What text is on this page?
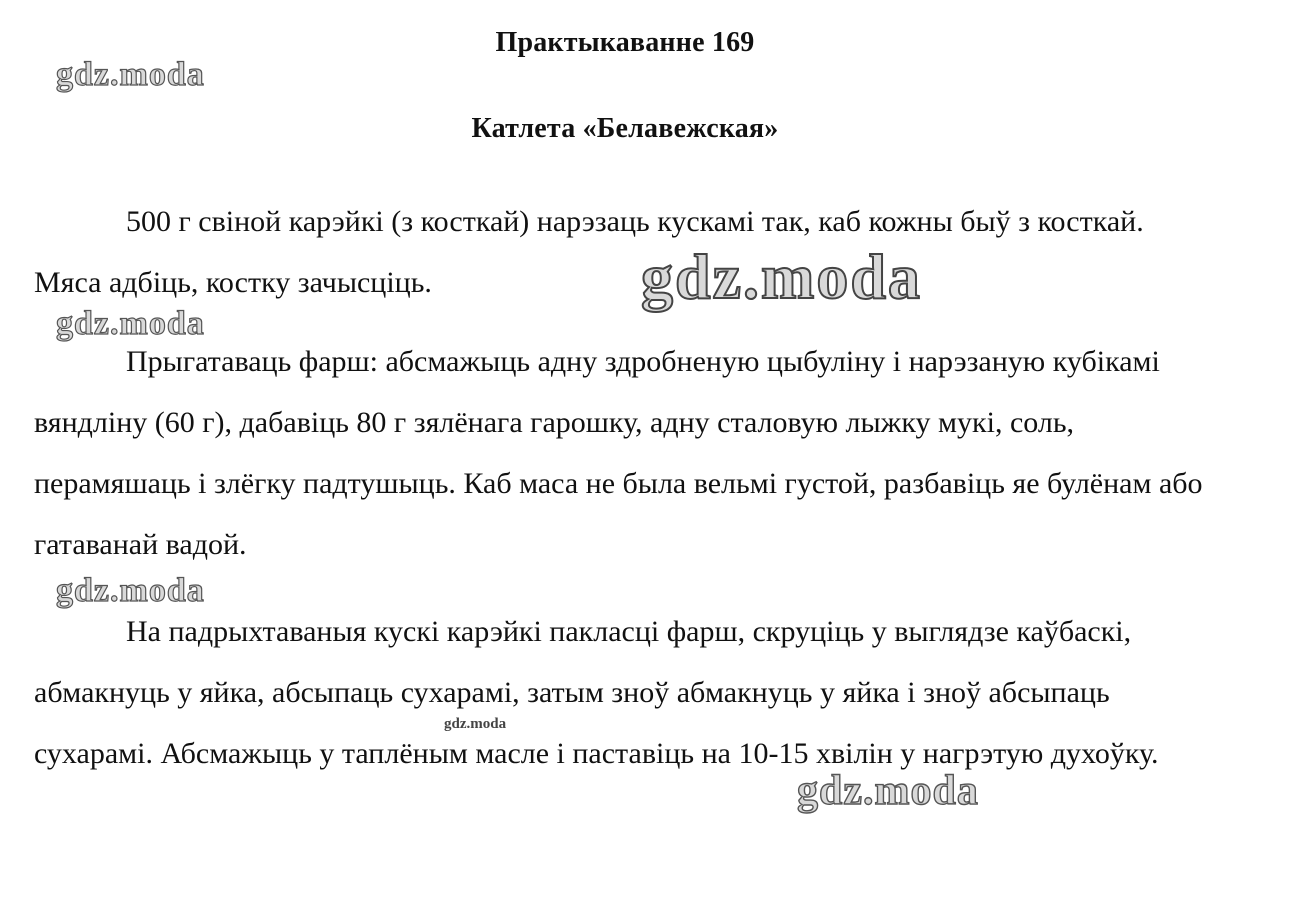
Практыкаванне 169
Катлета «Белавежская»

500 г свіной карэйкі (з косткай) нарэзаць кускамі так, каб кожны быў з косткай. Мяса адбіць, костку зачысціць.

Прыгатаваць фарш: абсмажыць адну здробненую цыбуліну і нарэзаную кубікамі вяндліну (60 г), дабавіць 80 г зялёнага гарошку, адну сталовую лыжку мукі, соль, перамяшаць і злёгку падтушыць. Каб маса не была вельмі густой, разбавіць яе булёнам або гатаванай вадой.

На падрыхтаваныя кускі карэйкі пакласці фарш, скруціць у выглядзе каўбаскі, абмакнуць у яйка, абсыпаць сухарамі, затым зноў абмакнуць у яйка і зноў абсыпаць сухарамі. Абсмажыць у таплёным масле і паставіць на 10-15 хвілін у нагрэтую духоўку.

gdz.moda
gdz.moda
gdz.moda
gdz.moda
gdz.moda
gdz.moda
